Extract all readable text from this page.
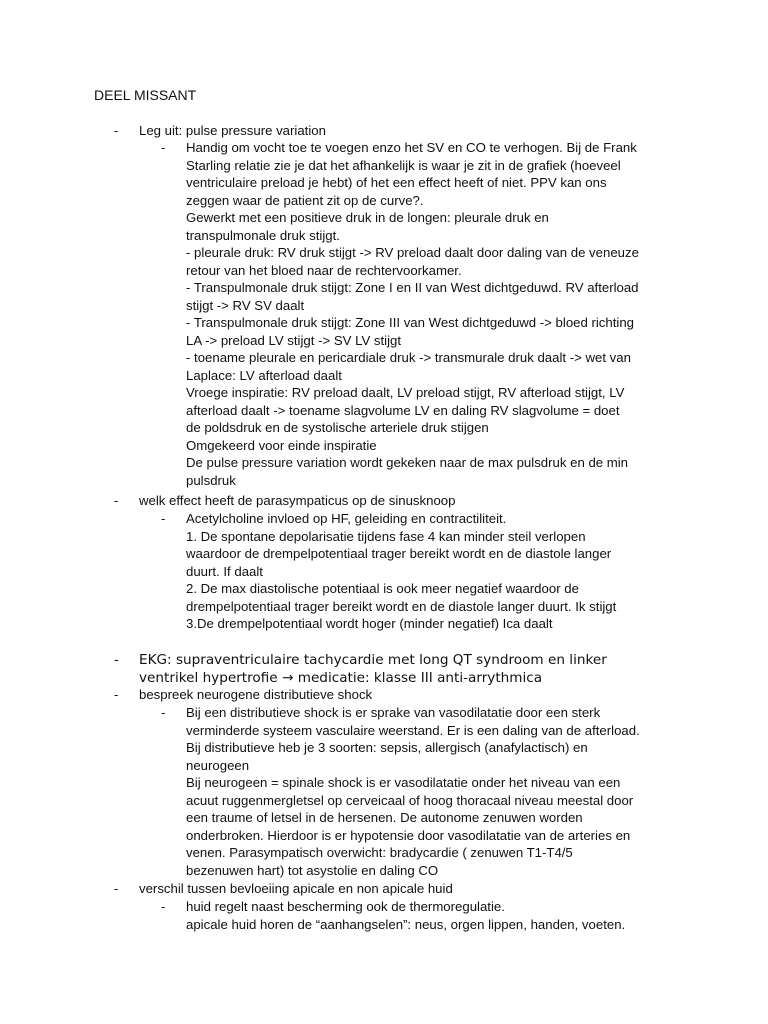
DEEL MISSANT
- Leg uit: pulse pressure variation
- Handig om vocht toe te voegen enzo het SV en CO te verhogen. Bij de Frank
Starling relatie zie je dat het afhankelijk is waar je zit in de grafiek (hoeveel
ventriculaire preload je hebt) of het een effect heeft of niet. PPV kan ons
zeggen waar de patient zit op de curve?.
Gewerkt met een positieve druk in de longen: pleurale druk en
transpulmonale druk stijgt.
- pleurale druk: RV druk stijgt -> RV preload daalt door daling van de veneuze
retour van het bloed naar de rechtervoorkamer.
- Transpulmonale druk stijgt: Zone I en II van West dichtgeduwd. RV afterload
stijgt -> RV SV daalt
- Transpulmonale druk stijgt: Zone III van West dichtgeduwd -> bloed richting
LA -> preload LV stijgt -> SV LV stijgt
- toename pleurale en pericardiale druk -> transmurale druk daalt -> wet van
Laplace: LV afterload daalt
Vroege inspiratie: RV preload daalt, LV preload stijgt, RV afterload stijgt, LV
afterload daalt -> toename slagvolume LV en daling RV slagvolume = doet
de poldsdruk en de systolische arteriele druk stijgen
Omgekeerd voor einde inspiratie
De pulse pressure variation wordt gekeken naar de max pulsdruk en de min
pulsdruk
- welk effect heeft de parasympaticus op de sinusknoop
- Acetylcholine invloed op HF, geleiding en contractiliteit.
1. De spontane depolarisatie tijdens fase 4 kan minder steil verlopen
waardoor de drempelpotentiaal trager bereikt wordt en de diastole langer
duurt. If daalt
2. De max diastolische potentiaal is ook meer negatief waardoor de
drempelpotentiaal trager bereikt wordt en de diastole langer duurt. Ik stijgt
3.De drempelpotentiaal wordt hoger (minder negatief) Ica daalt
- EKG: supraventriculaire tachycardie met long QT syndroom en linker
ventrikel hypertrofie → medicatie: klasse III anti-arrythmica
- bespreek neurogene distributieve shock
- Bij een distributieve shock is er sprake van vasodilatatie door een sterk
verminderde systeem vasculaire weerstand. Er is een daling van de afterload.
Bij distributieve heb je 3 soorten: sepsis, allergisch (anafylactisch) en
neurogeen
Bij neurogeen = spinale shock is er vasodilatatie onder het niveau van een
acuut ruggenmergletsel op cerveicaal of hoog thoracaal niveau meestal door
een traume of letsel in de hersenen. De autonome zenuwen worden
onderbroken. Hierdoor is er hypotensie door vasodilatatie van de arteries en
venen. Parasympatisch overwicht: bradycardie ( zenuwen T1-T4/5
bezenuwen hart) tot asystolie en daling CO
- verschil tussen bevloeiing apicale en non apicale huid
- huid regelt naast bescherming ook de thermoregulatie.
apicale huid horen de “aanhangselen”: neus, orgen lippen, handen, voeten.
